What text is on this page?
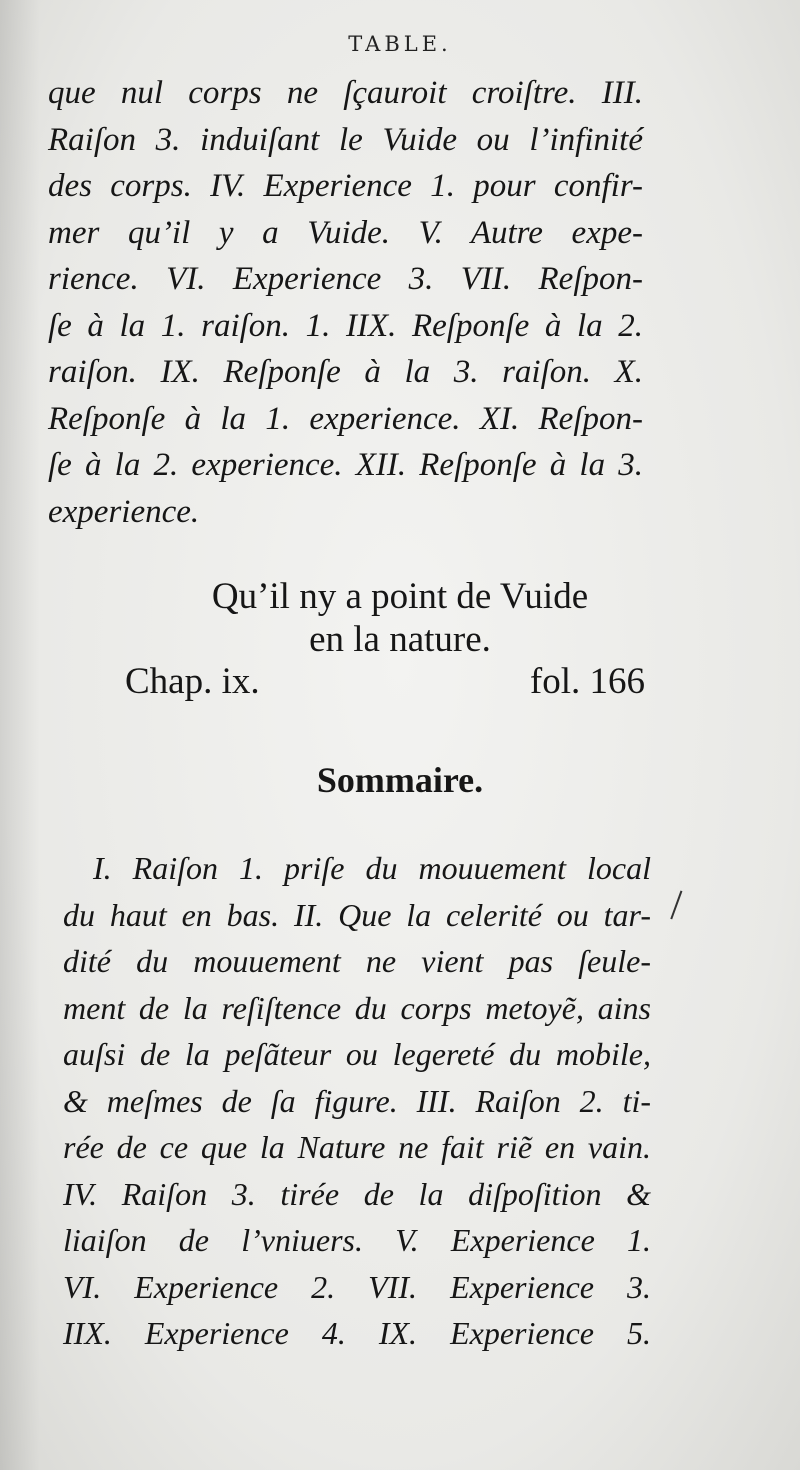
TABLE.
que nul corps ne ſçauroit croiſtre. III.
Raiſon 3. induiſant le Vuide ou l’infinité
des corps. IV. Experience 1. pour confir-
mer qu’il y a Vuide. V. Autre expe-
rience. VI. Experience 3. VII. Reſpon-
ſe à la 1. raiſon. 1. IIX. Reſponſe à la 2.
raiſon. IX. Reſponſe à la 3. raiſon. X.
Reſponſe à la 1. experience. XI. Reſpon-
ſe à la 2. experience. XII. Reſponſe à la 3.
experience.
Qu’il ny a point de Vuide
en la nature.
Chap. ix.	fol. 166
Sommaire.
I. Raiſon 1. priſe du mouuement local
du haut en bas. II. Que la celerité ou tar-
dité du mouuement ne vient pas ſeule-
ment de la reſiſtence du corps metoyẽ, ains
auſsi de la peſãteur ou legereté du mobile,
& meſmes de ſa figure. III. Raiſon 2. ti-
rée de ce que la Nature ne fait riẽ en vain.
IV. Raiſon 3. tirée de la diſpoſition &
liaiſon de l’vniuers. V. Experience 1.
VI. Experience 2. VII. Experience 3.
IIX. Experience 4. IX. Experience 5.
